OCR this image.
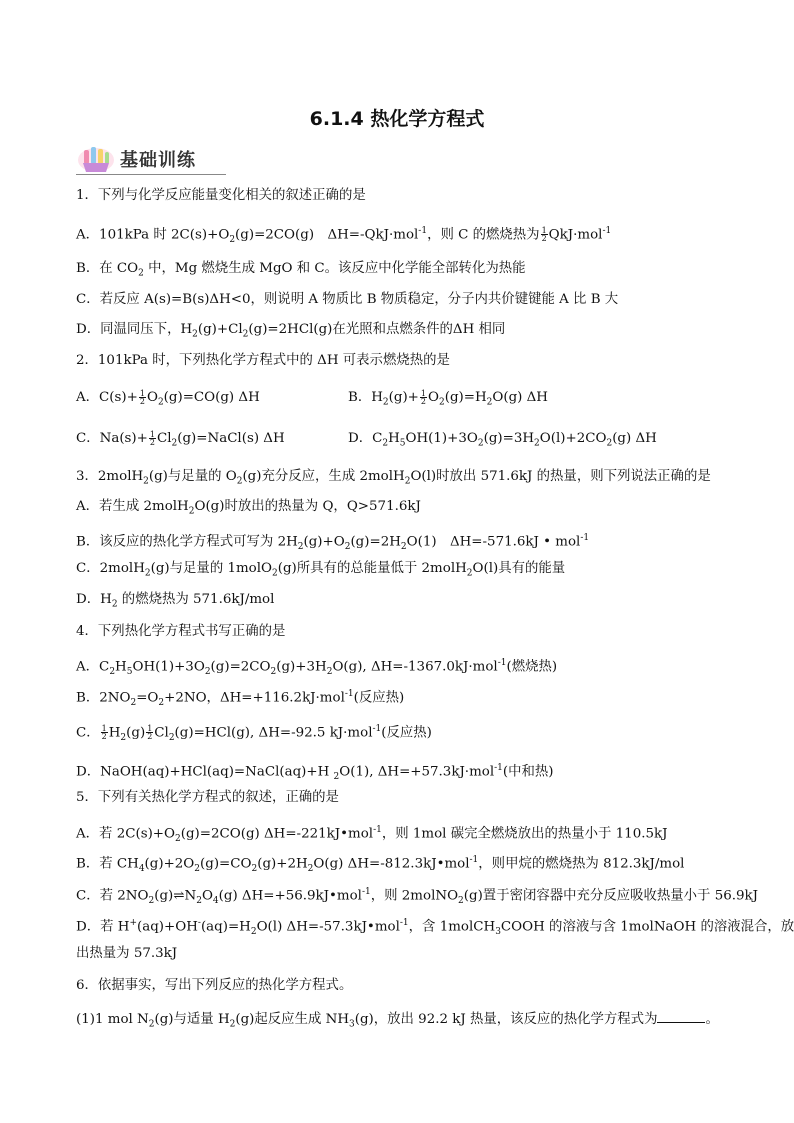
6.1.4 热化学方程式
基础训练
1．下列与化学反应能量变化相关的叙述正确的是
A．101kPa 时 $2C(s)+O_2(g)=2CO(g)$　ΔH=-QkJ·mol$^{-1}$，则 C 的燃烧热为 $\frac{1}{2} QkJ\cdot mol^{-1}$
B．在 $CO_2$ 中，Mg 燃烧生成 MgO 和 C。该反应中化学能全部转化为热能
C．若反应 A(s)=B(s)ΔH<0，则说明 A 物质比 B 物质稳定，分子内共价键键能 A 比 B 大
D．同温同压下，$H_2(g)+Cl_2(g)=2HCl(g)$在光照和点燃条件的ΔH 相同
2．101kPa 时，下列热化学方程式中的 ΔH 可表示燃烧热的是
A．$C(s)+ \frac{1}{2} O_2(g)=CO(g)$ ΔH	B．$H_2(g)+ \frac{1}{2} O_2(g)=H_2O(g)$ ΔH
C．$Na(s)+ \frac{1}{2}$ $Cl_2(g)=NaCl(s)$ ΔH	D．$C_2H_5OH(1)+3O_2(g)=3H_2O(l)+2CO_2(g)$ ΔH
3．2molH$_2$(g)与足量的 $O_2(g)$充分反应，生成 2molH$_2$O(l)时放出 571.6kJ 的热量，则下列说法正确的是
A．若生成 2molH$_2$O(g)时放出的热量为 Q，Q>571.6kJ
B．该反应的热化学方程式可写为 $2H_2(g)+O_2(g)=2H_2O(1)$　ΔH=-571.6kJ • mol$^{-1}$
C．2molH$_2$(g)与足量的 1molO$_2$(g)所具有的总能量低于 2molH$_2$O(l)具有的能量
D．$H_2$ 的燃烧热为 571.6kJ/mol
4．下列热化学方程式书写正确的是
A．$C_2H_5OH(1)+3O_2(g)=2CO_2(g)+3H_2O(g)$, ΔH=-1367.0kJ·mol$^{-1}$(燃烧热)
B．$2NO_2=O_2+2NO$，ΔH=+116.2kJ·mol$^{-1}$(反应热)
C． $\frac{1}{2} H_2(g) \frac{1}{2} Cl_2(g)=HCl(g)$, ΔH=-92.5 kJ·mol$^{-1}$(反应热)
D．NaOH(aq)+HCl(aq)=NaCl(aq)+H $_2$O(1), ΔH=+57.3kJ·mol$^{-1}$(中和热)
5．下列有关热化学方程式的叙述，正确的是
A．若 $2C(s)+O_2(g)=2CO(g)$ ΔH=-221kJ•mol$^{-1}$，则 1mol 碳完全燃烧放出的热量小于 110.5kJ
B．若 $CH_4(g)+2O_2(g)=CO_2(g)+2H_2O(g)$ ΔH=-812.3kJ•mol$^{-1}$，则甲烷的燃烧热为 812.3kJ/mol
C．若 $2NO_2(g)\rightleftharpoons N_2O_4(g)$ ΔH=+56.9kJ•mol$^{-1}$，则 2molNO$_2$(g)置于密闭容器中充分反应吸收热量小于 56.9kJ
D．若 $H^+(aq)+OH^-(aq)=H_2O(l)$ ΔH=-57.3kJ•mol$^{-1}$，含 1molCH$_3$COOH 的溶液与含 1molNaOH 的溶液混合，放
出热量为 57.3kJ
6．依据事实，写出下列反应的热化学方程式。
(1)1 mol $N_2(g)$与适量 $H_2(g)$起反应生成 $NH_3(g)$，放出 92.2 kJ 热量，该反应的热化学方程式为	。
